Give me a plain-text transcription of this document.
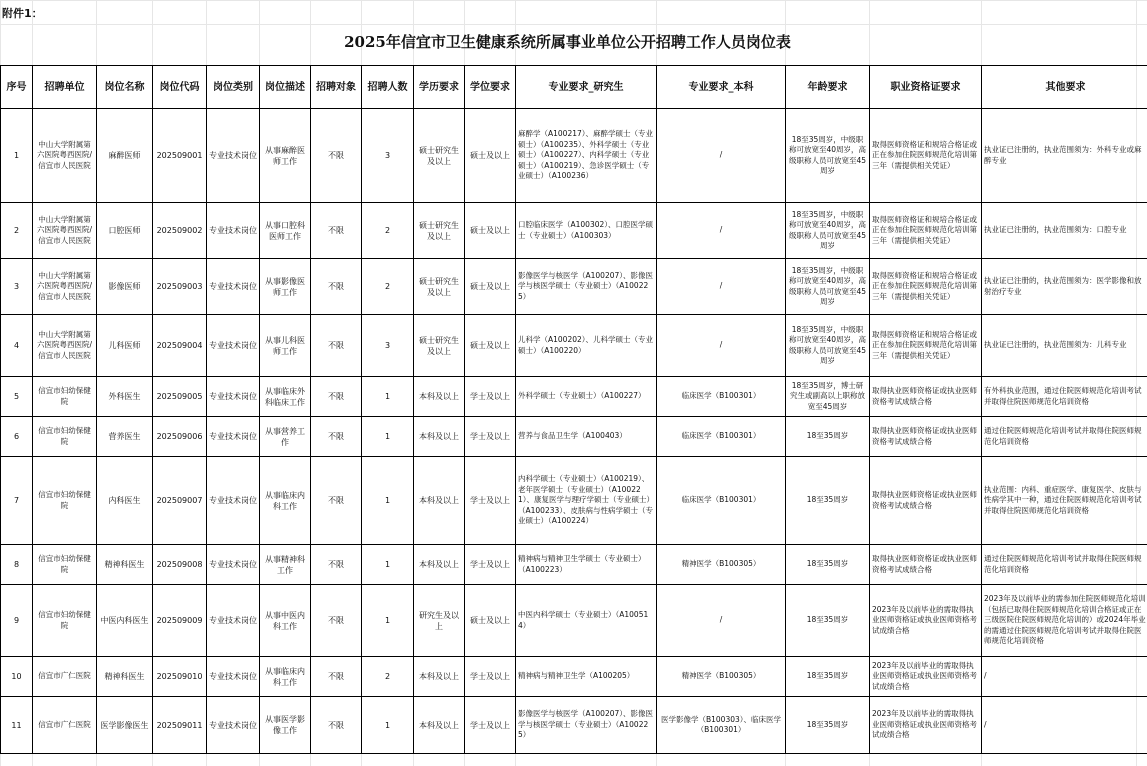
附件1：
2025年信宜市卫生健康系统所属事业单位公开招聘工作人员岗位表
序号	招聘单位	岗位名称	岗位代码	岗位类别	岗位描述	招聘对象	招聘人数	学历要求	学位要求	专业要求_研究生	专业要求_本科	年龄要求	职业资格证要求	其他要求
1	中山大学附属第六医院粤西医院/信宜市人民医院	麻醉医师	202509001	专业技术岗位	从事麻醉医师工作	不限	3	硕士研究生及以上	硕士及以上	麻醉学（A100217）、麻醉学硕士（专业硕士）（A100235）、外科学硕士（专业硕士）（A100227）、内科学硕士（专业硕士）（A100219）、急诊医学硕士（专业硕士）（A100236）	/	18至35周岁，中级职称可放宽至40周岁，高级职称人员可放宽至45周岁	取得医师资格证和规培合格证或正在参加住院医师规范化培训第三年（需提供相关凭证）	执业证已注册的，执业范围须为：外科专业或麻醉专业
2	中山大学附属第六医院粤西医院/信宜市人民医院	口腔医师	202509002	专业技术岗位	从事口腔科医师工作	不限	2	硕士研究生及以上	硕士及以上	口腔临床医学（A100302）、口腔医学硕士（专业硕士）（A100303）	/	18至35周岁，中级职称可放宽至40周岁，高级职称人员可放宽至45周岁	取得医师资格证和规培合格证或正在参加住院医师规范化培训第三年（需提供相关凭证）	执业证已注册的，执业范围须为：口腔专业
3	中山大学附属第六医院粤西医院/信宜市人民医院	影像医师	202509003	专业技术岗位	从事影像医师工作	不限	2	硕士研究生及以上	硕士及以上	影像医学与核医学（A100207）、影像医学与核医学硕士（专业硕士）（A100225）	/	18至35周岁，中级职称可放宽至40周岁，高级职称人员可放宽至45周岁	取得医师资格证和规培合格证或正在参加住院医师规范化培训第三年（需提供相关凭证）	执业证已注册的，执业范围须为：医学影像和放射治疗专业
4	中山大学附属第六医院粤西医院/信宜市人民医院	儿科医师	202509004	专业技术岗位	从事儿科医师工作	不限	3	硕士研究生及以上	硕士及以上	儿科学（A100202）、儿科学硕士（专业硕士）（A100220）	/	18至35周岁，中级职称可放宽至40周岁，高级职称人员可放宽至45周岁	取得医师资格证和规培合格证或正在参加住院医师规范化培训第三年（需提供相关凭证）	执业证已注册的，执业范围须为：儿科专业
5	信宜市妇幼保健院	外科医生	202509005	专业技术岗位	从事临床外科临床工作	不限	1	本科及以上	学士及以上	外科学硕士（专业硕士）（A100227）	临床医学（B100301）	18至35周岁，博士研究生或副高以上职称放宽至45周岁	取得执业医师资格证或执业医师资格考试成绩合格	有外科执业范围，通过住院医师规范化培训考试并取得住院医师规范化培训资格
6	信宜市妇幼保健院	营养医生	202509006	专业技术岗位	从事营养工作	不限	1	本科及以上	学士及以上	营养与食品卫生学（A100403）	临床医学（B100301）	18至35周岁	取得执业医师资格证或执业医师资格考试成绩合格	通过住院医师规范化培训考试并取得住院医师规范化培训资格
7	信宜市妇幼保健院	内科医生	202509007	专业技术岗位	从事临床内科工作	不限	1	本科及以上	学士及以上	内科学硕士（专业硕士）（A100219）、老年医学硕士（专业硕士）（A100221）、康复医学与理疗学硕士（专业硕士）（A100233）、皮肤病与性病学硕士（专业硕士）（A100224）	临床医学（B100301）	18至35周岁	取得执业医师资格证或执业医师资格考试成绩合格	执业范围：内科、重症医学、康复医学、皮肤与性病学其中一种，通过住院医师规范化培训考试并取得住院医师规范化培训资格
8	信宜市妇幼保健院	精神科医生	202509008	专业技术岗位	从事精神科工作	不限	1	本科及以上	学士及以上	精神病与精神卫生学硕士（专业硕士）（A100223）	精神医学（B100305）	18至35周岁	取得执业医师资格证或执业医师资格考试成绩合格	通过住院医师规范化培训考试并取得住院医师规范化培训资格
9	信宜市妇幼保健院	中医内科医生	202509009	专业技术岗位	从事中医内科工作	不限	1	研究生及以上	硕士及以上	中医内科学硕士（专业硕士）（A100514）	/	18至35周岁	2023年及以前毕业的需取得执业医师资格证或执业医师资格考试成绩合格	2023年及以前毕业的需参加住院医师规范化培训（包括已取得住院医师规范化培训合格证或正在三级医院住院医师规范化培训的）或2024年毕业的需通过住院医师规范化培训考试并取得住院医师规范化培训资格
10	信宜市广仁医院	精神科医生	202509010	专业技术岗位	从事临床内科工作	不限	2	本科及以上	学士及以上	精神病与精神卫生学（A100205）	精神医学（B100305）	18至35周岁	2023年及以前毕业的需取得执业医师资格证或执业医师资格考试成绩合格	/
11	信宜市广仁医院	医学影像医生	202509011	专业技术岗位	从事医学影像工作	不限	1	本科及以上	学士及以上	影像医学与核医学（A100207）、影像医学与核医学硕士（专业硕士）（A100225）	医学影像学（B100303）、临床医学（B100301）	18至35周岁	2023年及以前毕业的需取得执业医师资格证或执业医师资格考试成绩合格	/
